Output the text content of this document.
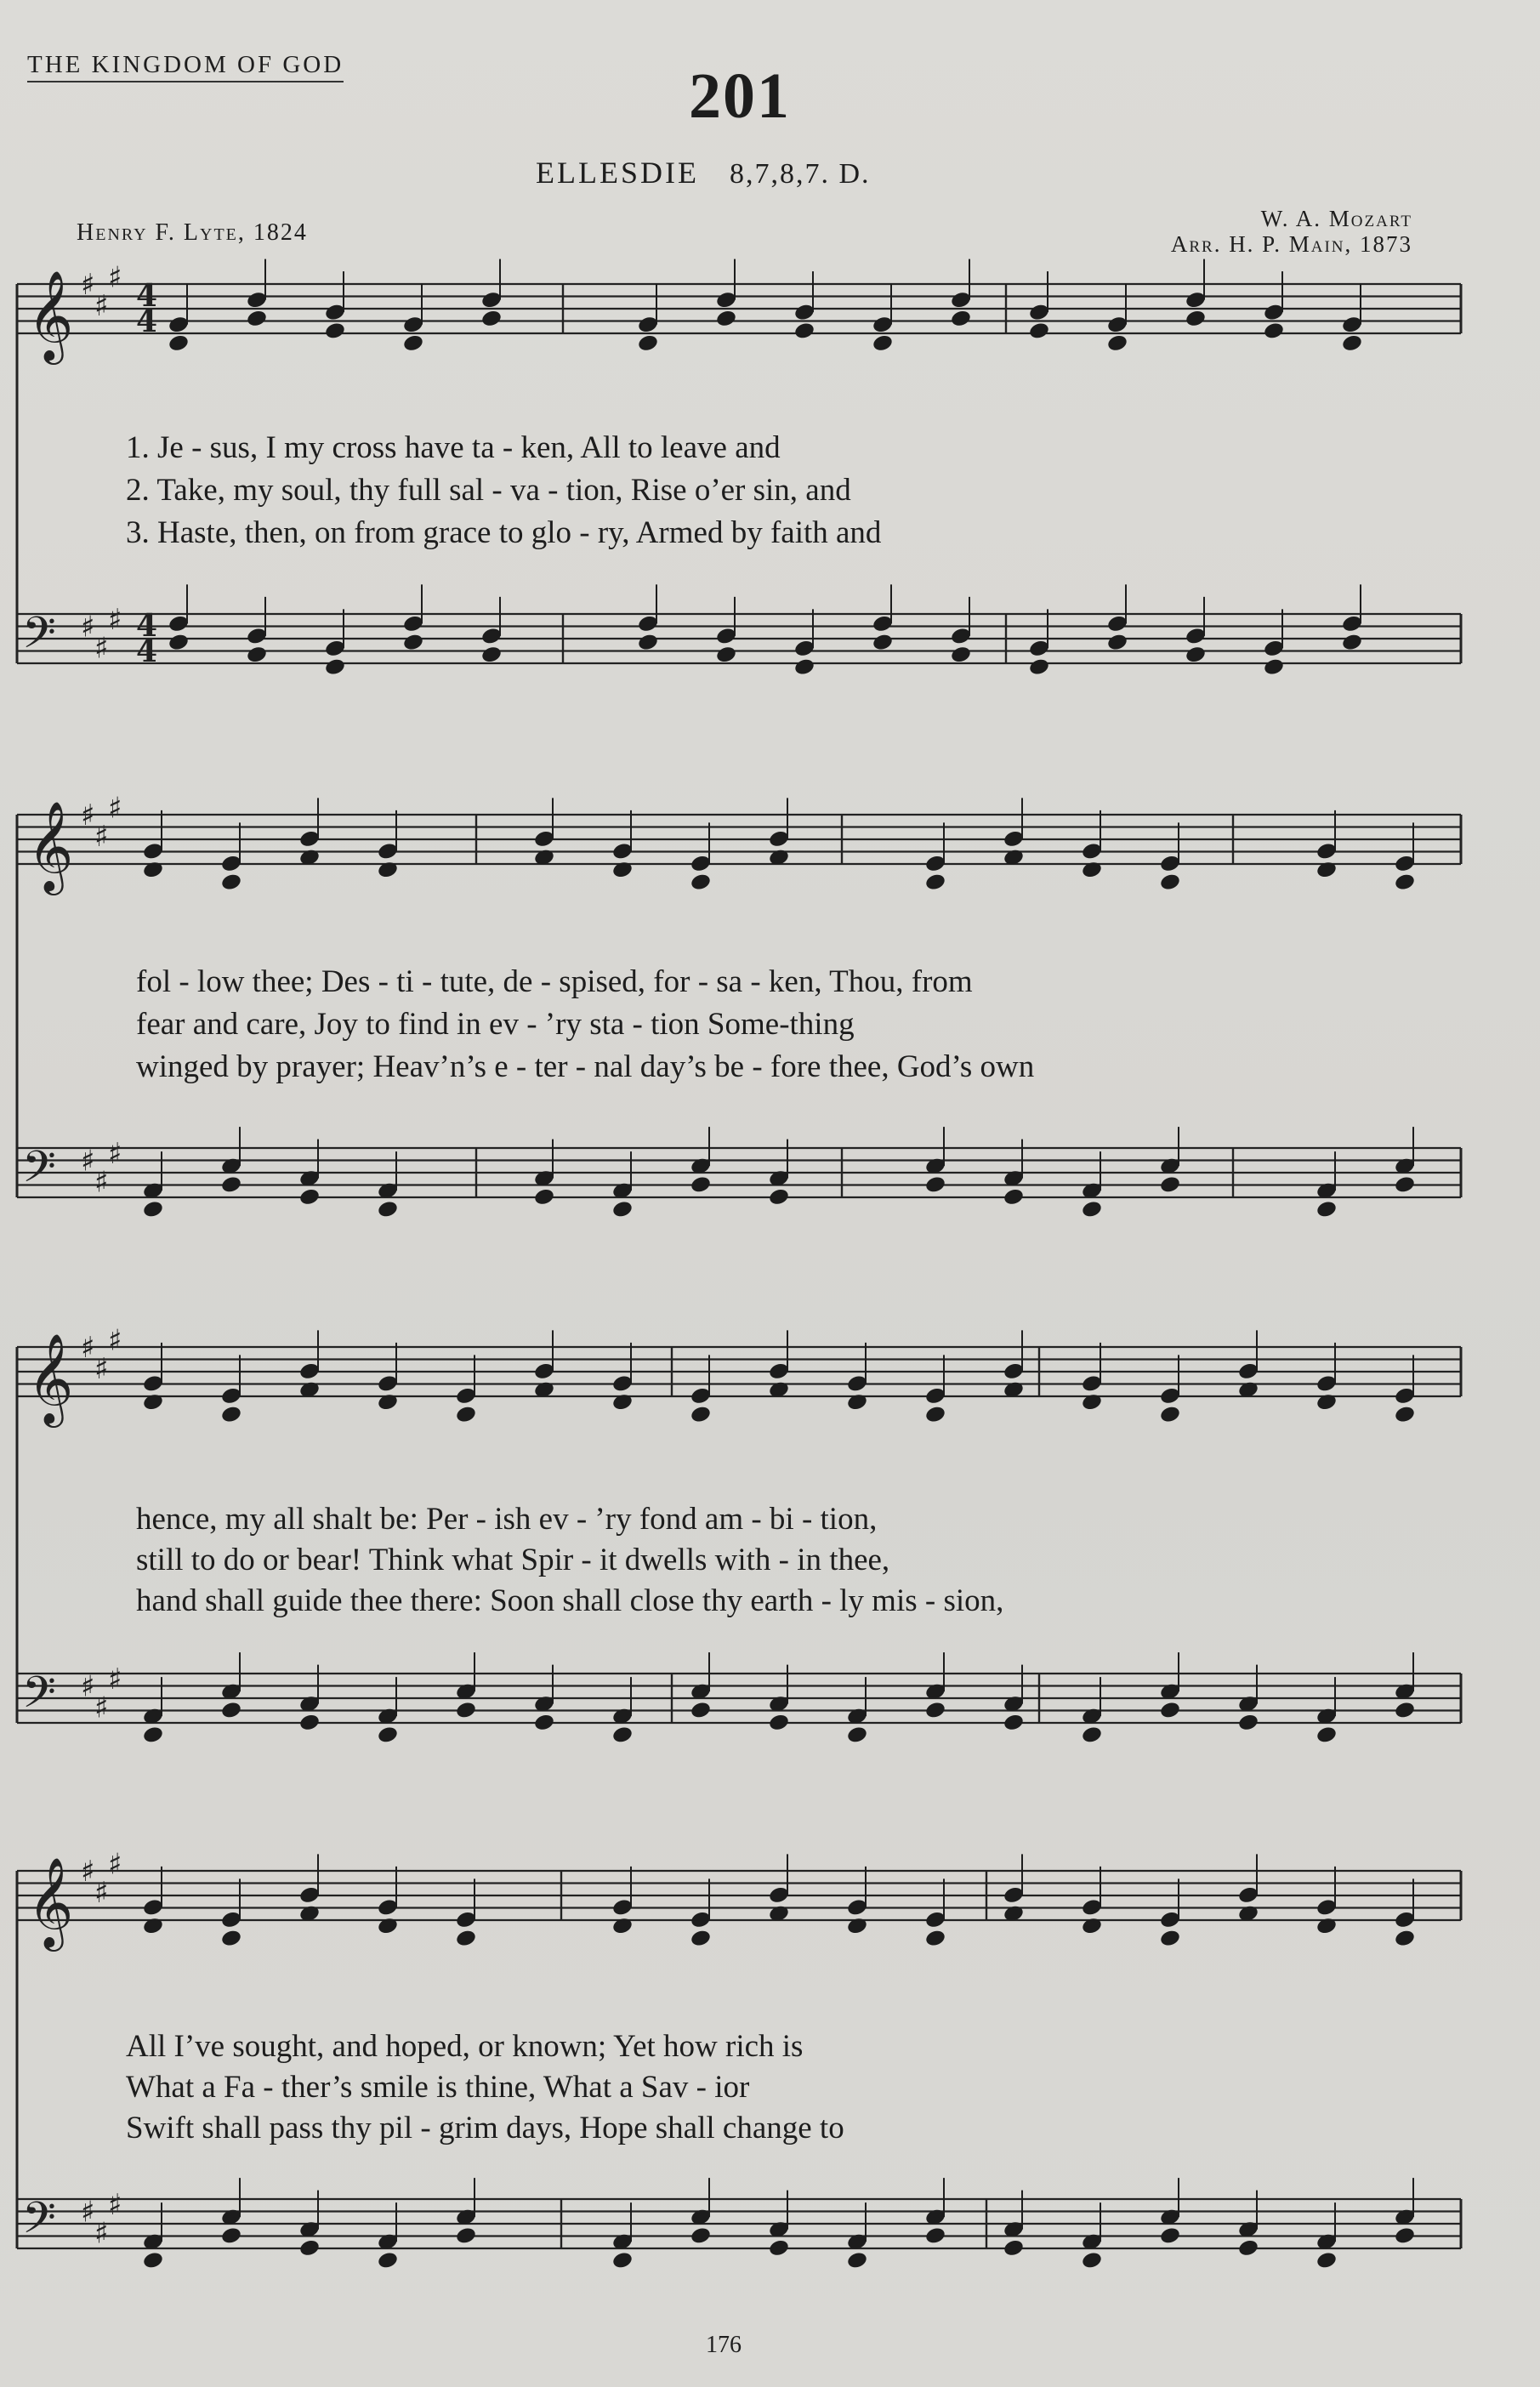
THE KINGDOM OF GOD	201
ELLESDIE 8,7,8,7. D.
Henry F. Lyte, 1824
W. A. Mozart
Arr. H. P. Main, 1873
𝄞
𝄢
♯
♯
♯
♯
♯
♯
𝄞
𝄢
♯
♯
♯
♯
♯
♯
𝄞
𝄢
♯
♯
♯
♯
♯
♯
𝄞
𝄢
♯
♯
♯
♯
♯
♯
4
4
4
4
1. Je - sus, I my cross have ta - ken, All to leave and
2. Take, my soul, thy full sal - va - tion, Rise o’er sin, and
3. Haste, then, on from grace to glo - ry, Armed by faith and
fol - low thee; Des - ti - tute, de - spised, for - sa - ken, Thou, from
fear and care, Joy to find in ev - ’ry sta - tion Some-thing
winged by prayer; Heav’n’s e - ter - nal day’s be - fore thee, God’s own
hence, my all shalt be: Per - ish ev - ’ry fond am - bi - tion,
still to do or bear! Think what Spir - it dwells with - in thee,
hand shall guide thee there: Soon shall close thy earth - ly mis - sion,
All I’ve sought, and hoped, or known; Yet how rich is
What a Fa - ther’s smile is thine, What a Sav - ior
Swift shall pass thy pil - grim days, Hope shall change to
176
